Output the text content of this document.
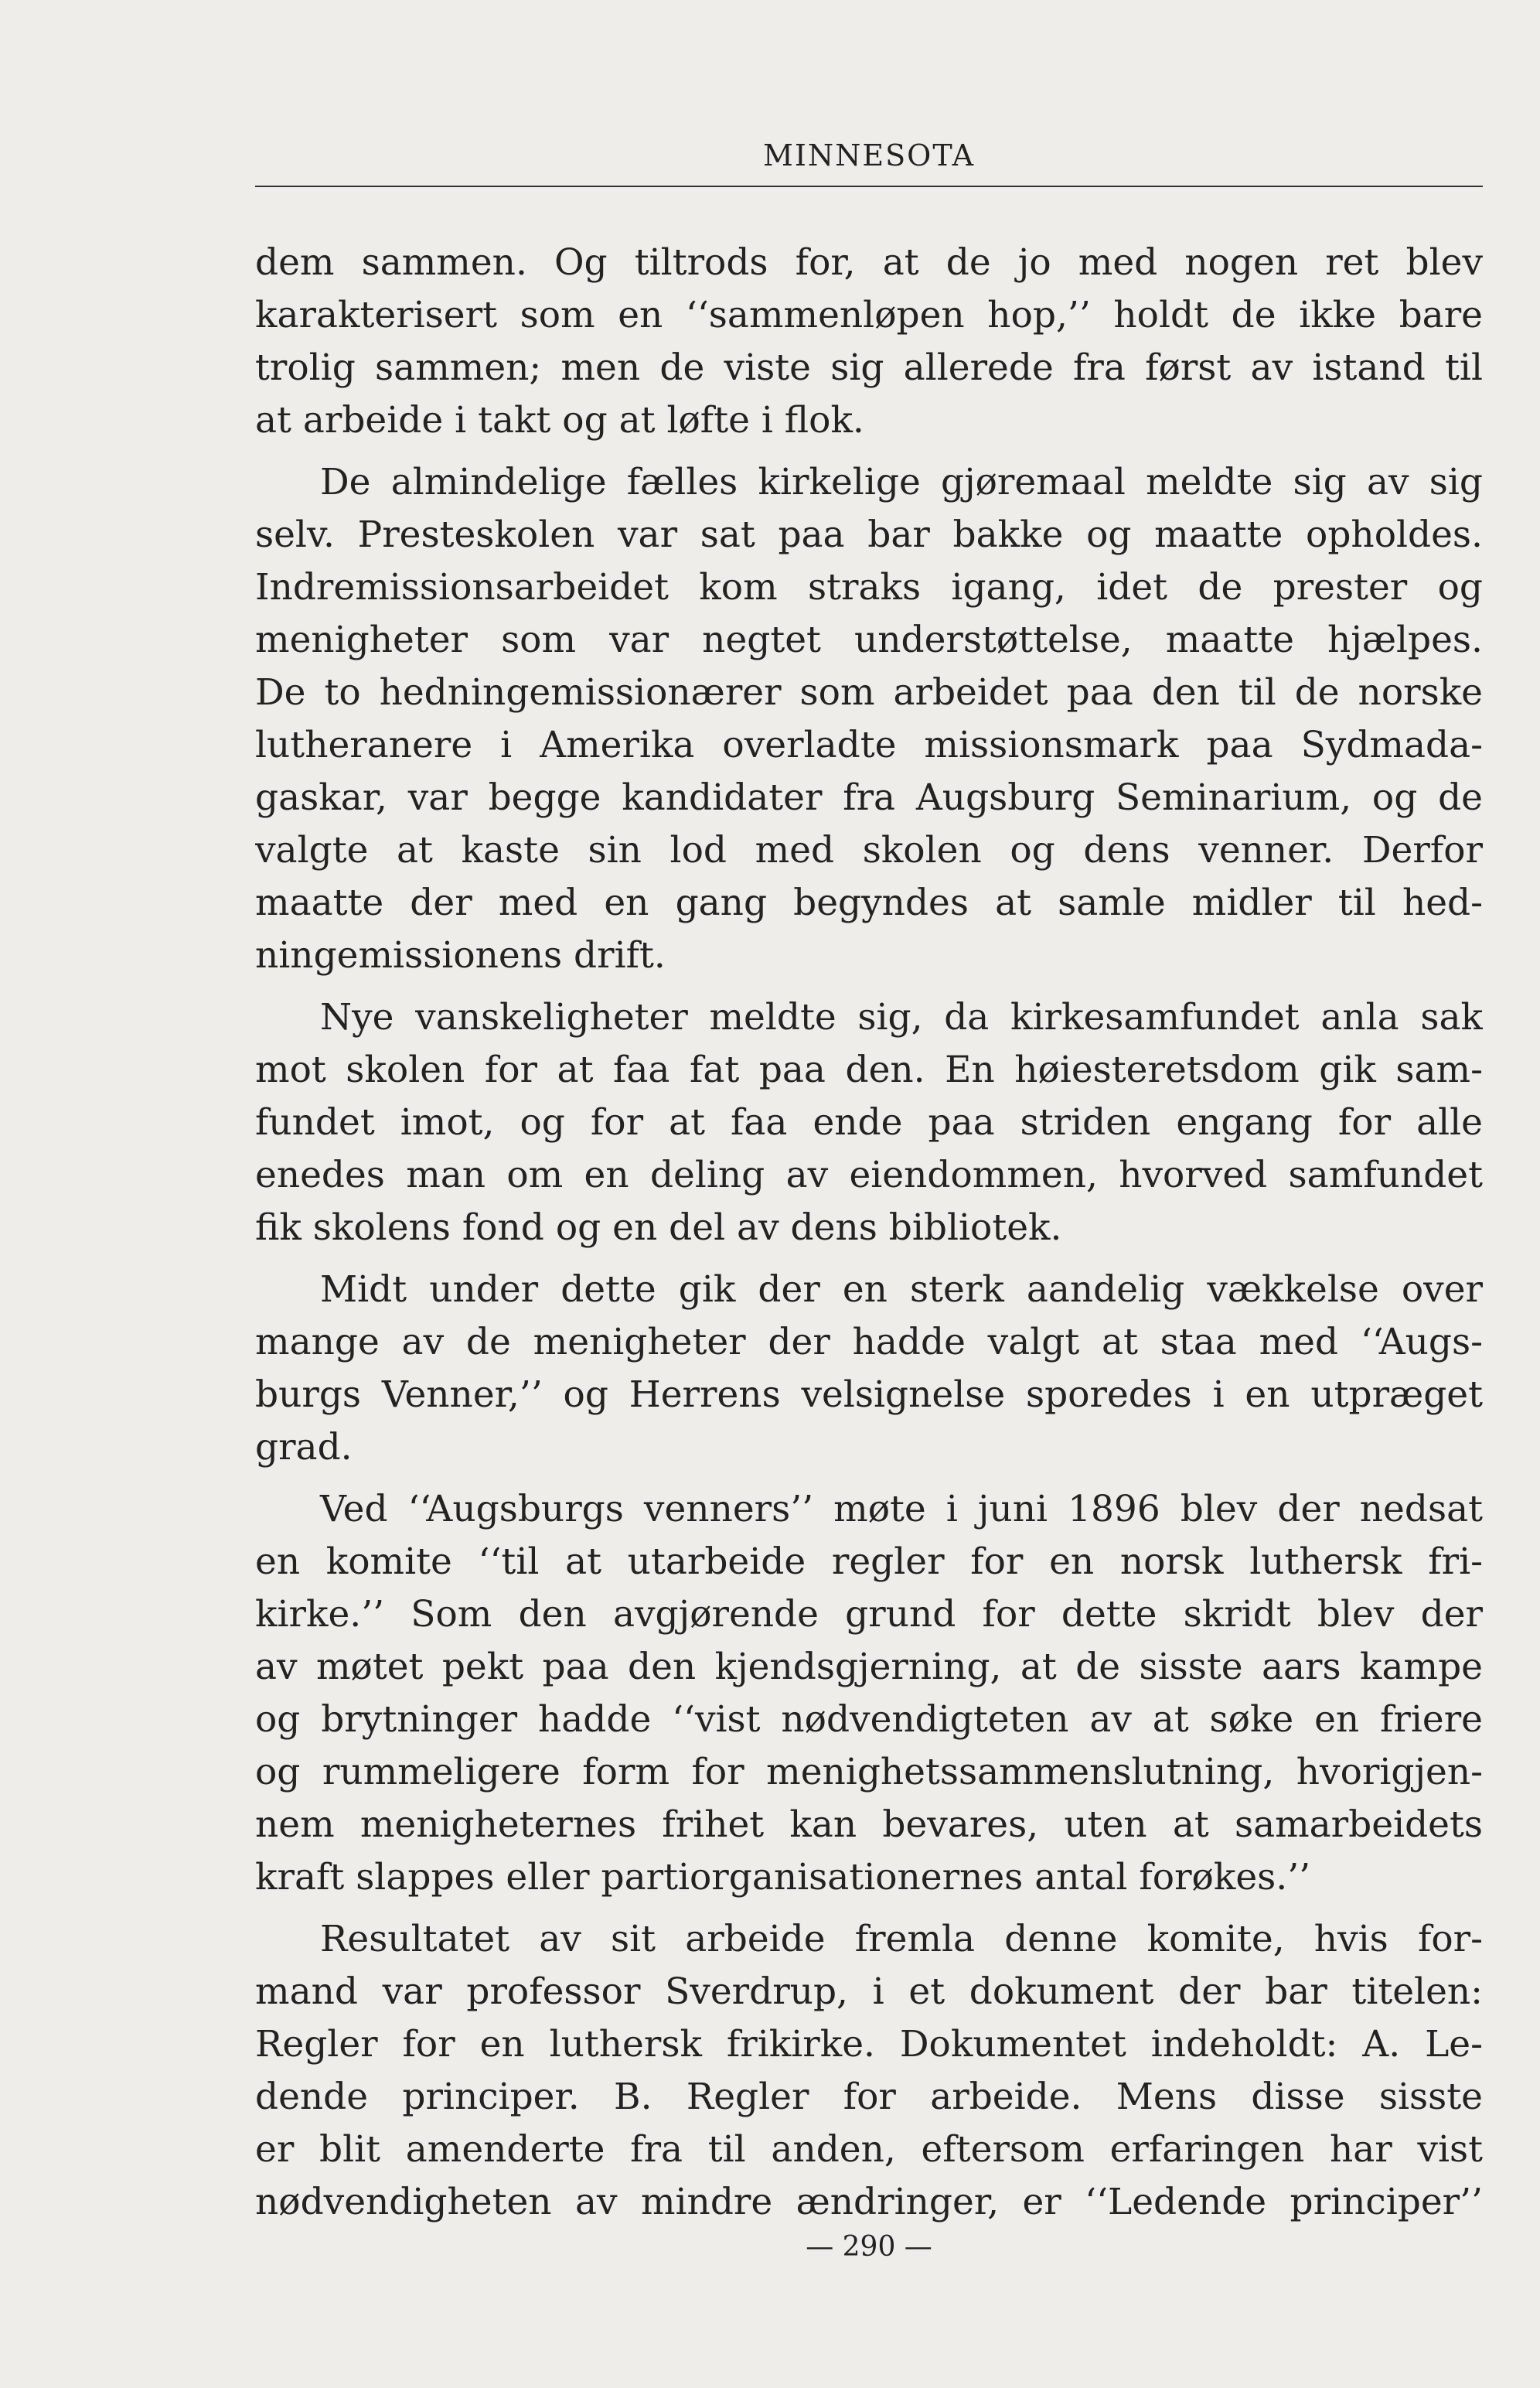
MINNESOTA
dem sammen. Og tiltrods for, at de jo med nogen ret blev
karakterisert som en ‘‘sammenløpen hop,’’ holdt de ikke bare
trolig sammen; men de viste sig allerede fra først av istand til
at arbeide i takt og at løfte i flok.
De almindelige fælles kirkelige gjøremaal meldte sig av sig
selv. Presteskolen var sat paa bar bakke og maatte opholdes.
Indremissionsarbeidet kom straks igang, idet de prester og
menigheter som var negtet understøttelse, maatte hjælpes.
De to hedningemissionærer som arbeidet paa den til de norske
lutheranere i Amerika overladte missionsmark paa Sydmada-
gaskar, var begge kandidater fra Augsburg Seminarium, og de
valgte at kaste sin lod med skolen og dens venner. Derfor
maatte der med en gang begyndes at samle midler til hed-
ningemissionens drift.
Nye vanskeligheter meldte sig, da kirkesamfundet anla sak
mot skolen for at faa fat paa den. En høiesteretsdom gik sam-
fundet imot, og for at faa ende paa striden engang for alle
enedes man om en deling av eiendommen, hvorved samfundet
fik skolens fond og en del av dens bibliotek.
Midt under dette gik der en sterk aandelig vækkelse over
mange av de menigheter der hadde valgt at staa med ‘‘Augs-
burgs Venner,’’ og Herrens velsignelse sporedes i en utpræget
grad.
Ved ‘‘Augsburgs venners’’ møte i juni 1896 blev der nedsat
en komite ‘‘til at utarbeide regler for en norsk luthersk fri-
kirke.’’ Som den avgjørende grund for dette skridt blev der
av møtet pekt paa den kjendsgjerning, at de sisste aars kampe
og brytninger hadde ‘‘vist nødvendigteten av at søke en friere
og rummeligere form for menighetssammenslutning, hvorigjen-
nem menigheternes frihet kan bevares, uten at samarbeidets
kraft slappes eller partiorganisationernes antal forøkes.’’
Resultatet av sit arbeide fremla denne komite, hvis for-
mand var professor Sverdrup, i et dokument der bar titelen:
Regler for en luthersk frikirke. Dokumentet indeholdt: A. Le-
dende principer. B. Regler for arbeide. Mens disse sisste
er blit amenderte fra til anden, eftersom erfaringen har vist
nødvendigheten av mindre ændringer, er ‘‘Ledende principer’’
— 290 —
